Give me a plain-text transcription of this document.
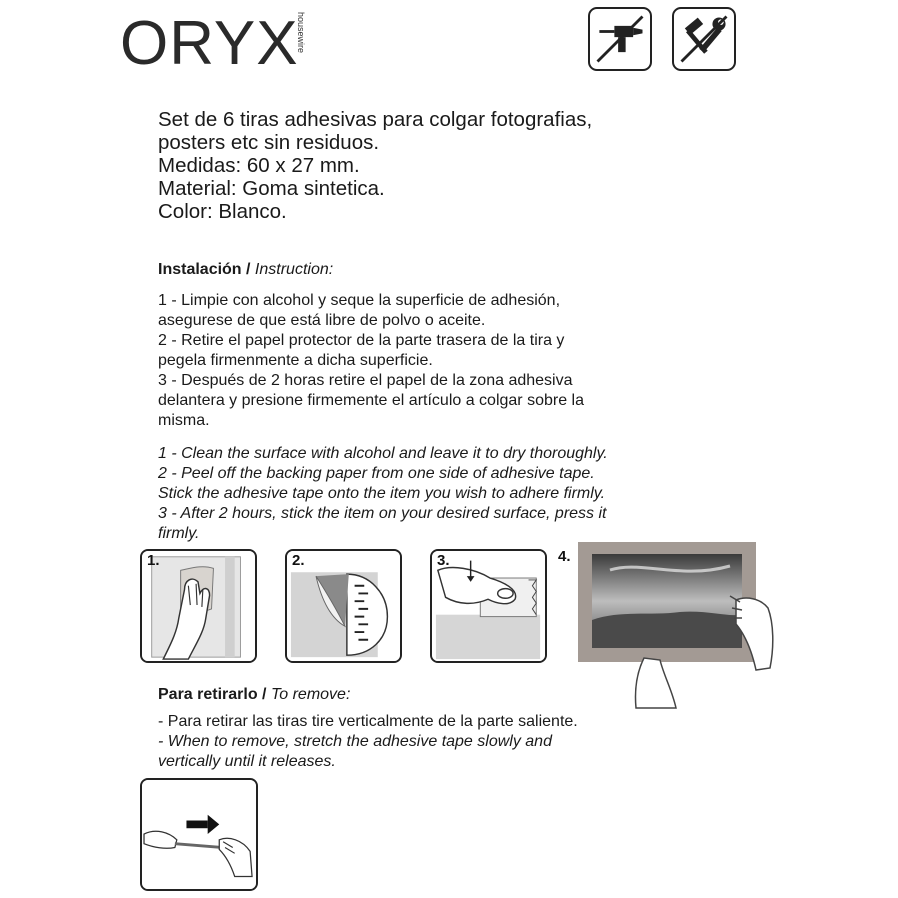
ORYX
housewire
Set de 6 tiras adhesivas para colgar fotografias,
posters etc sin residuos.
Medidas: 60 x 27 mm.
Material: Goma sintetica.
Color: Blanco.
Instalación / Instruction:
1 - Limpie con alcohol y seque la superficie de adhesión,
asegurese de que está libre de polvo o aceite.
2 - Retire el papel protector de la parte trasera de la tira y
pegela firmenmente a dicha superficie.
3 - Después de 2 horas retire el papel de la zona adhesiva
delantera y presione firmemente el artículo a colgar sobre la
misma.
1 - Clean the surface with alcohol and leave it to dry thoroughly.
2 - Peel off the backing paper from one side of adhesive tape.
Stick the adhesive tape onto the item you wish to adhere firmly.
3 - After 2 hours, stick the item on your desired surface, press it
firmly.
1.	2.	3.	4.
Para retirarlo / To remove:
- Para retirar las tiras tire verticalmente de la parte saliente.
- When to remove, stretch the adhesive tape slowly and
vertically until it releases.
